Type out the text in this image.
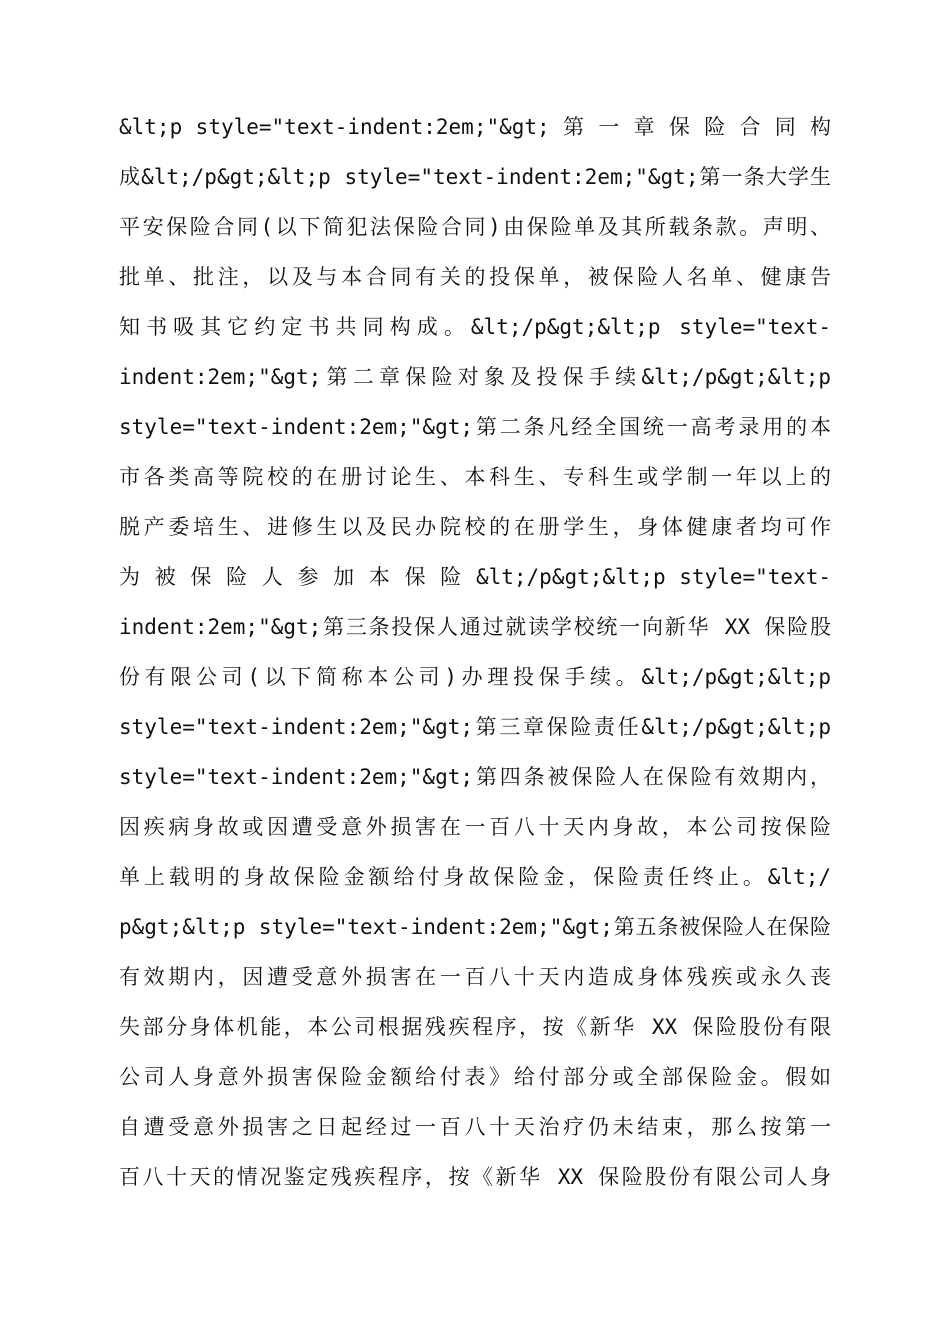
&lt;p style="text-indent:2em;"&gt; 第 一 章 保 险 合 同 构
成&lt;/p&gt;&lt;p style="text-indent:2em;"&gt;第一条大学生
平安保险合同(以下简犯法保险合同)由保险单及其所载条款。声明、
批单、批注，以及与本合同有关的投保单，被保险人名单、健康告
知书吸其它约定书共同构成。&lt;/p&gt;&lt;p style="text-
indent:2em;"&gt;第二章保险对象及投保手续&lt;/p&gt;&lt;p
style="text-indent:2em;"&gt;第二条凡经全国统一高考录用的本
市各类高等院校的在册讨论生、本科生、专科生或学制一年以上的
脱产委培生、进修生以及民办院校的在册学生，身体健康者均可作
为 被 保 险 人 参 加 本 保 险 &lt;/p&gt;&lt;p style="text-
indent:2em;"&gt;第三条投保人通过就读学校统一向新华 XX 保险股
份有限公司(以下简称本公司)办理投保手续。&lt;/p&gt;&lt;p
style="text-indent:2em;"&gt;第三章保险责任&lt;/p&gt;&lt;p
style="text-indent:2em;"&gt;第四条被保险人在保险有效期内，
因疾病身故或因遭受意外损害在一百八十天内身故，本公司按保险
单上载明的身故保险金额给付身故保险金，保险责任终止。&lt;/
p&gt;&lt;p style="text-indent:2em;"&gt;第五条被保险人在保险
有效期内，因遭受意外损害在一百八十天内造成身体残疾或永久丧
失部分身体机能，本公司根据残疾程序，按《新华 XX 保险股份有限
公司人身意外损害保险金额给付表》给付部分或全部保险金。假如
自遭受意外损害之日起经过一百八十天治疗仍未结束，那么按第一
百八十天的情况鉴定残疾程序，按《新华 XX 保险股份有限公司人身
